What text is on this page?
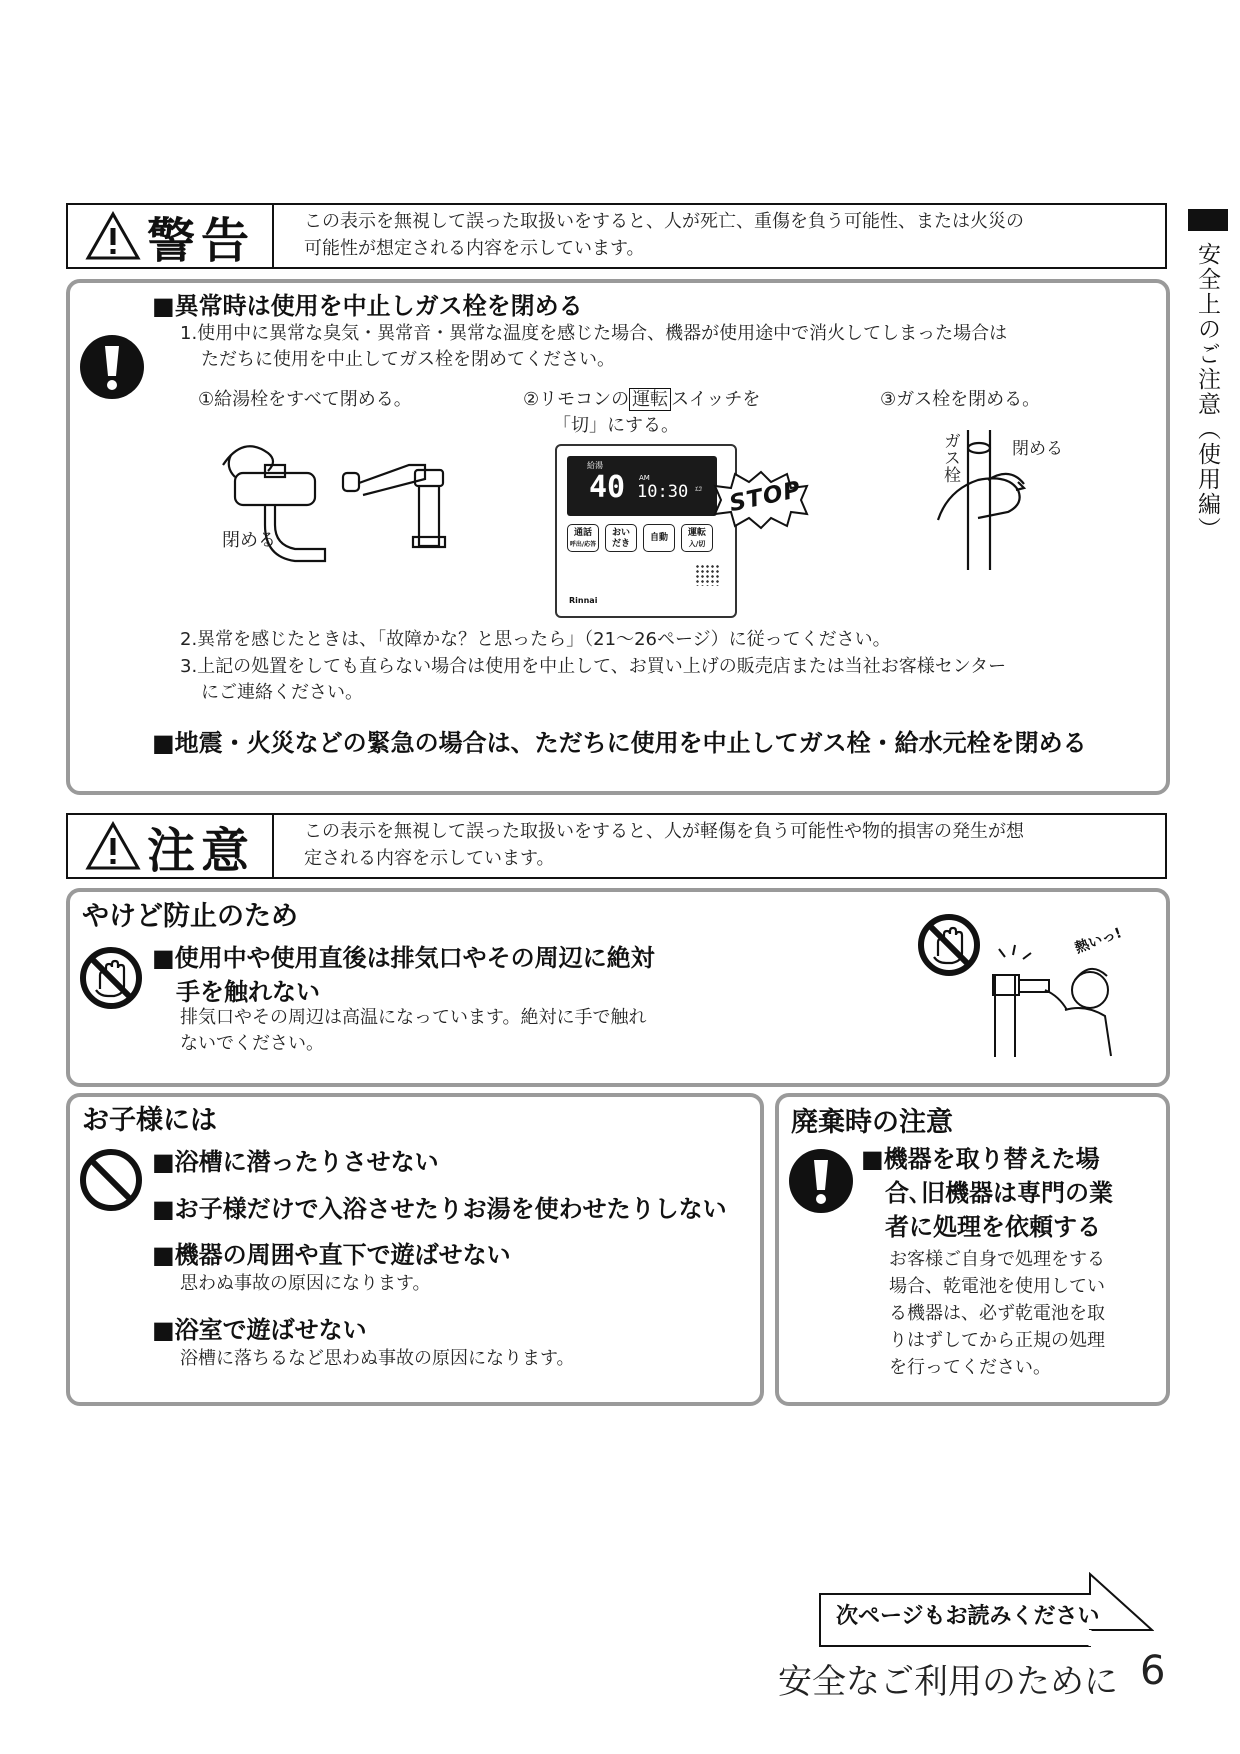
安全上のご注意（使用編）
警告	この表示を無視して誤った取扱いをすると、人が死亡、重傷を負う可能性、または火災の
可能性が想定される内容を示しています。
■異常時は使用を中止しガス栓を閉める
1.使用中に異常な臭気・異常音・異常な温度を感じた場合、機器が使用途中で消火してしまった場合は
ただちに使用を中止してガス栓を閉めてください。
①給湯栓をすべて閉める。	②リモコンの 運転 スイッチを
「切」にする。
③ガス栓を閉める。
閉める
給湯
40 AM
10:30 ｴｺ
通話
呼出/応答
おいだき
自動	運転
入/切
Rinnai
STOP
ガス栓	閉める
2.異常を感じたときは、「故障かな？と思ったら」（21～26ページ）に従ってください。
3.上記の処置をしても直らない場合は使用を中止して、お買い上げの販売店または当社お客様センター
にご連絡ください。
■地震・火災などの緊急の場合は、ただちに使用を中止してガス栓・給水元栓を閉める
注意	この表示を無視して誤った取扱いをすると、人が軽傷を負う可能性や物的損害の発生が想
定される内容を示しています。
やけど防止のため
■使用中や使用直後は排気口やその周辺に絶対
手を触れない
排気口やその周辺は高温になっています。絶対に手で触れ
ないでください。
熱いっ!
お子様には
■浴槽に潜ったりさせない
■お子様だけで入浴させたりお湯を使わせたりしない
■機器の周囲や直下で遊ばせない
思わぬ事故の原因になります。
■浴室で遊ばせない
浴槽に落ちるなど思わぬ事故の原因になります。
廃棄時の注意
■機器を取り替えた場
合､旧機器は専門の業
者に処理を依頼する
お客様ご自身で処理をする
場合、乾電池を使用してい
る機器は、必ず乾電池を取
りはずしてから正規の処理
を行ってください。
次ページもお読みください
安全なご利用のために 6
